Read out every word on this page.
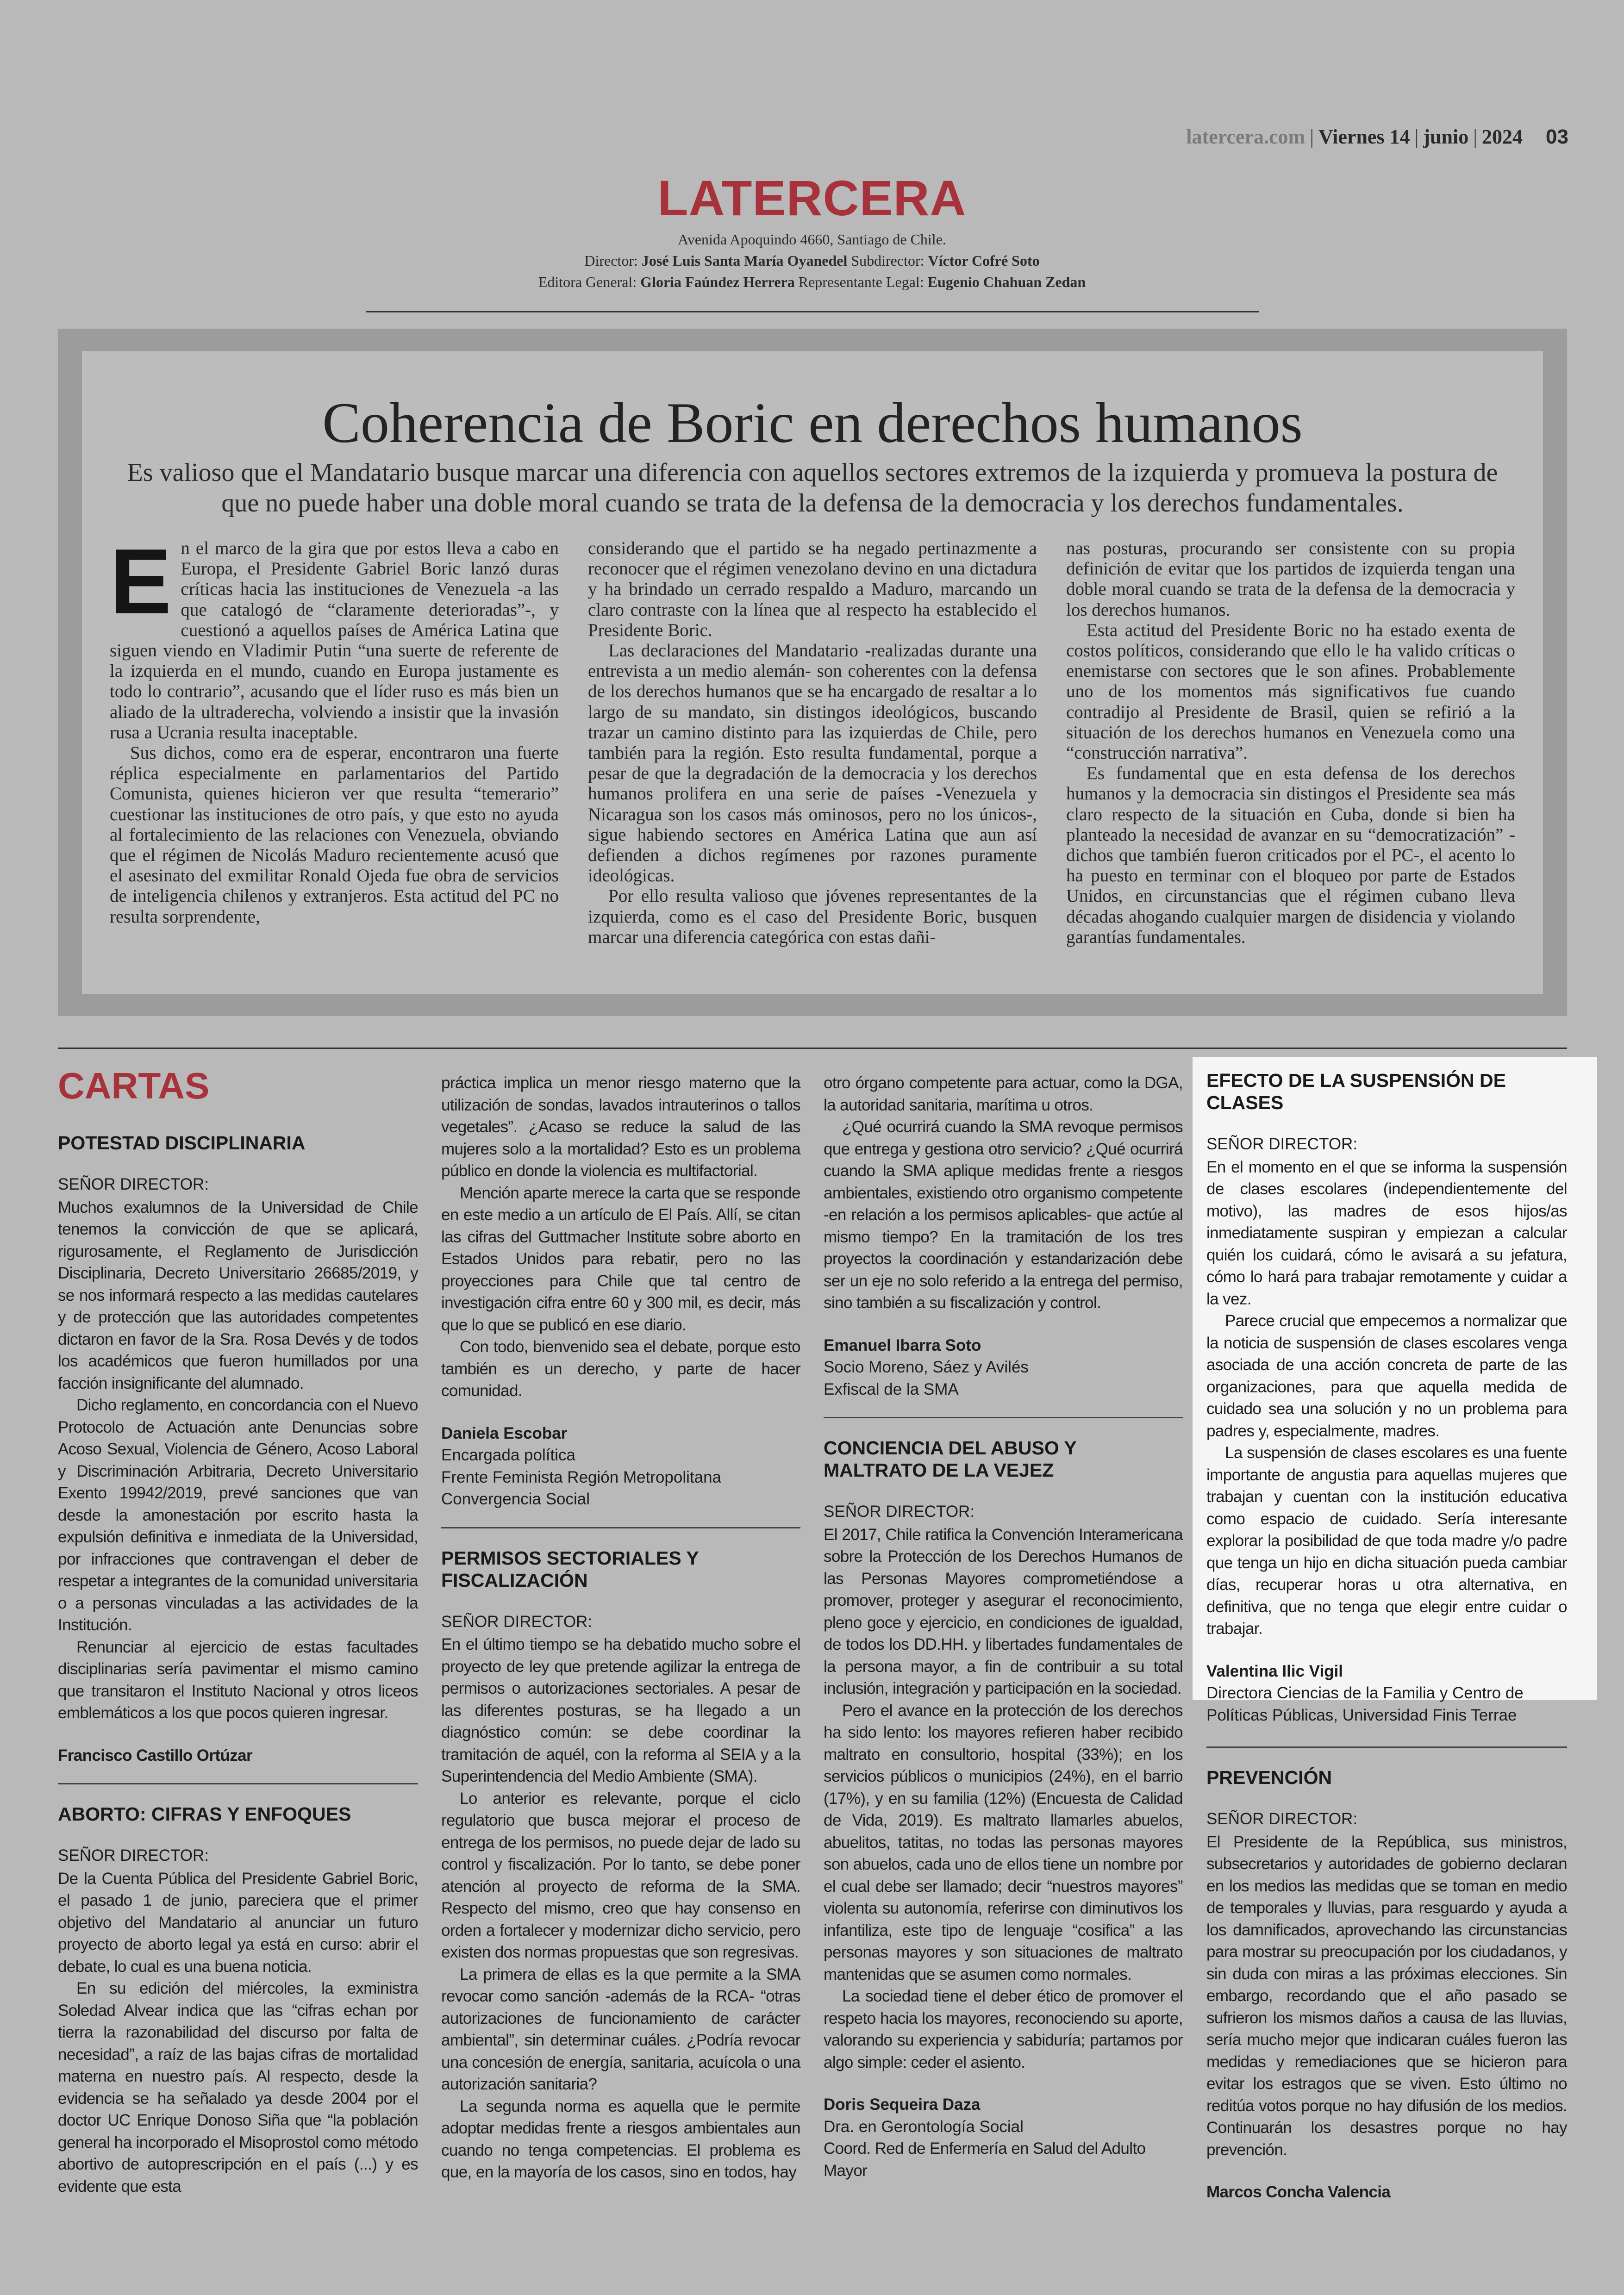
latercera.com | Viernes 14 | junio | 2024 03
LATERCERA
Avenida Apoquindo 4660, Santiago de Chile.
Director: José Luis Santa María Oyanedel Subdirector: Víctor Cofré Soto
Editora General: Gloria Faúndez Herrera Representante Legal: Eugenio Chahuan Zedan
Coherencia de Boric en derechos humanos
Es valioso que el Mandatario busque marcar una diferencia con aquellos sectores extremos de la izquierda y promueva la postura de que no puede haber una doble moral cuando se trata de la defensa de la democracia y los derechos fundamentales.

En el marco de la gira que por estos lleva a cabo en Europa, el Presidente Gabriel Boric lanzó duras críticas hacia las instituciones de Venezuela -a las que catalogó de “claramente deterioradas”-, y cuestionó a aquellos países de América Latina que siguen viendo en Vladimir Putin “una suerte de referente de la izquierda en el mundo, cuando en Europa justamente es todo lo contrario”, acusando que el líder ruso es más bien un aliado de la ultraderecha, volviendo a insistir que la invasión rusa a Ucrania resulta inaceptable.

Sus dichos, como era de esperar, encontraron una fuerte réplica especialmente en parlamentarios del Partido Comunista, quienes hicieron ver que resulta “temerario” cuestionar las instituciones de otro país, y que esto no ayuda al fortalecimiento de las relaciones con Venezuela, obviando que el régimen de Nicolás Maduro recientemente acusó que el asesinato del exmilitar Ronald Ojeda fue obra de servicios de inteligencia chilenos y extranjeros. Esta actitud del PC no resulta sorprendente,

considerando que el partido se ha negado pertinazmente a reconocer que el régimen venezolano devino en una dictadura y ha brindado un cerrado respaldo a Maduro, marcando un claro contraste con la línea que al respecto ha establecido el Presidente Boric.

Las declaraciones del Mandatario -realizadas durante una entrevista a un medio alemán- son coherentes con la defensa de los derechos humanos que se ha encargado de resaltar a lo largo de su mandato, sin distingos ideológicos, buscando trazar un camino distinto para las izquierdas de Chile, pero también para la región. Esto resulta fundamental, porque a pesar de que la degradación de la democracia y los derechos humanos prolifera en una serie de países -Venezuela y Nicaragua son los casos más ominosos, pero no los únicos-, sigue habiendo sectores en América Latina que aun así defienden a dichos regímenes por razones puramente ideológicas.

Por ello resulta valioso que jóvenes representantes de la izquierda, como es el caso del Presidente Boric, busquen marcar una diferencia categórica con estas dañi-

nas posturas, procurando ser consistente con su propia definición de evitar que los partidos de izquierda tengan una doble moral cuando se trata de la defensa de la democracia y los derechos humanos.

Esta actitud del Presidente Boric no ha estado exenta de costos políticos, considerando que ello le ha valido críticas o enemistarse con sectores que le son afines. Probablemente uno de los momentos más significativos fue cuando contradijo al Presidente de Brasil, quien se refirió a la situación de los derechos humanos en Venezuela como una “construcción narrativa”.

Es fundamental que en esta defensa de los derechos humanos y la democracia sin distingos el Presidente sea más claro respecto de la situación en Cuba, donde si bien ha planteado la necesidad de avanzar en su “democratización” -dichos que también fueron criticados por el PC-, el acento lo ha puesto en terminar con el bloqueo por parte de Estados Unidos, en circunstancias que el régimen cubano lleva décadas ahogando cualquier margen de disidencia y violando garantías fundamentales.

CARTAS
POTESTAD DISCIPLINARIA
SEÑOR DIRECTOR:

Muchos exalumnos de la Universidad de Chile tenemos la convicción de que se aplicará, rigurosamente, el Reglamento de Jurisdicción Disciplinaria, Decreto Universitario 26685/2019, y se nos informará respecto a las medidas cautelares y de protección que las autoridades competentes dictaron en favor de la Sra. Rosa Devés y de todos los académicos que fueron humillados por una facción insignificante del alumnado.

Dicho reglamento, en concordancia con el Nuevo Protocolo de Actuación ante Denuncias sobre Acoso Sexual, Violencia de Género, Acoso Laboral y Discriminación Arbitraria, Decreto Universitario Exento 19942/2019, prevé sanciones que van desde la amonestación por escrito hasta la expulsión definitiva e inmediata de la Universidad, por infracciones que contravengan el deber de respetar a integrantes de la comunidad universitaria o a personas vinculadas a las actividades de la Institución.

Renunciar al ejercicio de estas facultades disciplinarias sería pavimentar el mismo camino que transitaron el Instituto Nacional y otros liceos emblemáticos a los que pocos quieren ingresar.

Francisco Castillo Ortúzar
ABORTO: CIFRAS Y ENFOQUES
SEÑOR DIRECTOR:

De la Cuenta Pública del Presidente Gabriel Boric, el pasado 1 de junio, pareciera que el primer objetivo del Mandatario al anunciar un futuro proyecto de aborto legal ya está en curso: abrir el debate, lo cual es una buena noticia.

En su edición del miércoles, la exministra Soledad Alvear indica que las “cifras echan por tierra la razonabilidad del discurso por falta de necesidad”, a raíz de las bajas cifras de mortalidad materna en nuestro país. Al respecto, desde la evidencia se ha señalado ya desde 2004 por el doctor UC Enrique Donoso Siña que “la población general ha incorporado el Misoprostol como método abortivo de autoprescripción en el país (...) y es evidente que esta

práctica implica un menor riesgo materno que la utilización de sondas, lavados intrauterinos o tallos vegetales”. ¿Acaso se reduce la salud de las mujeres solo a la mortalidad? Esto es un problema público en donde la violencia es multifactorial.

Mención aparte merece la carta que se responde en este medio a un artículo de El País. Allí, se citan las cifras del Guttmacher Institute sobre aborto en Estados Unidos para rebatir, pero no las proyecciones para Chile que tal centro de investigación cifra entre 60 y 300 mil, es decir, más que lo que se publicó en ese diario.

Con todo, bienvenido sea el debate, porque esto también es un derecho, y parte de hacer comunidad.

Daniela Escobar
Encargada política
Frente Feminista Región Metropolitana
Convergencia Social
PERMISOS SECTORIALES Y FISCALIZACIÓN
SEÑOR DIRECTOR:

En el último tiempo se ha debatido mucho sobre el proyecto de ley que pretende agilizar la entrega de permisos o autorizaciones sectoriales. A pesar de las diferentes posturas, se ha llegado a un diagnóstico común: se debe coordinar la tramitación de aquél, con la reforma al SEIA y a la Superintendencia del Medio Ambiente (SMA).

Lo anterior es relevante, porque el ciclo regulatorio que busca mejorar el proceso de entrega de los permisos, no puede dejar de lado su control y fiscalización. Por lo tanto, se debe poner atención al proyecto de reforma de la SMA. Respecto del mismo, creo que hay consenso en orden a fortalecer y modernizar dicho servicio, pero existen dos normas propuestas que son regresivas.

La primera de ellas es la que permite a la SMA revocar como sanción -además de la RCA- “otras autorizaciones de funcionamiento de carácter ambiental”, sin determinar cuáles. ¿Podría revocar una concesión de energía, sanitaria, acuícola o una autorización sanitaria?

La segunda norma es aquella que le permite adoptar medidas frente a riesgos ambientales aun cuando no tenga competencias. El problema es que, en la mayoría de los casos, sino en todos, hay

otro órgano competente para actuar, como la DGA, la autoridad sanitaria, marítima u otros.

¿Qué ocurrirá cuando la SMA revoque permisos que entrega y gestiona otro servicio? ¿Qué ocurrirá cuando la SMA aplique medidas frente a riesgos ambientales, existiendo otro organismo competente -en relación a los permisos aplicables- que actúe al mismo tiempo? En la tramitación de los tres proyectos la coordinación y estandarización debe ser un eje no solo referido a la entrega del permiso, sino también a su fiscalización y control.

Emanuel Ibarra Soto
Socio Moreno, Sáez y Avilés
Exfiscal de la SMA
CONCIENCIA DEL ABUSO Y MALTRATO DE LA VEJEZ
SEÑOR DIRECTOR:

El 2017, Chile ratifica la Convención Interamericana sobre la Protección de los Derechos Humanos de las Personas Mayores comprometiéndose a promover, proteger y asegurar el reconocimiento, pleno goce y ejercicio, en condiciones de igualdad, de todos los DD.HH. y libertades fundamentales de la persona mayor, a fin de contribuir a su total inclusión, integración y participación en la sociedad.

Pero el avance en la protección de los derechos ha sido lento: los mayores refieren haber recibido maltrato en consultorio, hospital (33%); en los servicios públicos o municipios (24%), en el barrio (17%), y en su familia (12%) (Encuesta de Calidad de Vida, 2019). Es maltrato llamarles abuelos, abuelitos, tatitas, no todas las personas mayores son abuelos, cada uno de ellos tiene un nombre por el cual debe ser llamado; decir “nuestros mayores” violenta su autonomía, referirse con diminutivos los infantiliza, este tipo de lenguaje “cosifica” a las personas mayores y son situaciones de maltrato mantenidas que se asumen como normales.

La sociedad tiene el deber ético de promover el respeto hacia los mayores, reconociendo su aporte, valorando su experiencia y sabiduría; partamos por algo simple: ceder el asiento.

Doris Sequeira Daza
Dra. en Gerontología Social
Coord. Red de Enfermería en Salud del Adulto Mayor
EFECTO DE LA SUSPENSIÓN DE CLASES
SEÑOR DIRECTOR:

En el momento en el que se informa la suspensión de clases escolares (independientemente del motivo), las madres de esos hijos/as inmediatamente suspiran y empiezan a calcular quién los cuidará, cómo le avisará a su jefatura, cómo lo hará para trabajar remotamente y cuidar a la vez.

Parece crucial que empecemos a normalizar que la noticia de suspensión de clases escolares venga asociada de una acción concreta de parte de las organizaciones, para que aquella medida de cuidado sea una solución y no un problema para padres y, especialmente, madres.

La suspensión de clases escolares es una fuente importante de angustia para aquellas mujeres que trabajan y cuentan con la institución educativa como espacio de cuidado. Sería interesante explorar la posibilidad de que toda madre y/o padre que tenga un hijo en dicha situación pueda cambiar días, recuperar horas u otra alternativa, en definitiva, que no tenga que elegir entre cuidar o trabajar.

Valentina Ilic Vigil
Directora Ciencias de la Familia y Centro de Políticas Públicas, Universidad Finis Terrae
PREVENCIÓN
SEÑOR DIRECTOR:

El Presidente de la República, sus ministros, subsecretarios y autoridades de gobierno declaran en los medios las medidas que se toman en medio de temporales y lluvias, para resguardo y ayuda a los damnificados, aprovechando las circunstancias para mostrar su preocupación por los ciudadanos, y sin duda con miras a las próximas elecciones. Sin embargo, recordando que el año pasado se sufrieron los mismos daños a causa de las lluvias, sería mucho mejor que indicaran cuáles fueron las medidas y remediaciones que se hicieron para evitar los estragos que se viven. Esto último no reditúa votos porque no hay difusión de los medios. Continuarán los desastres porque no hay prevención.

Marcos Concha Valencia
